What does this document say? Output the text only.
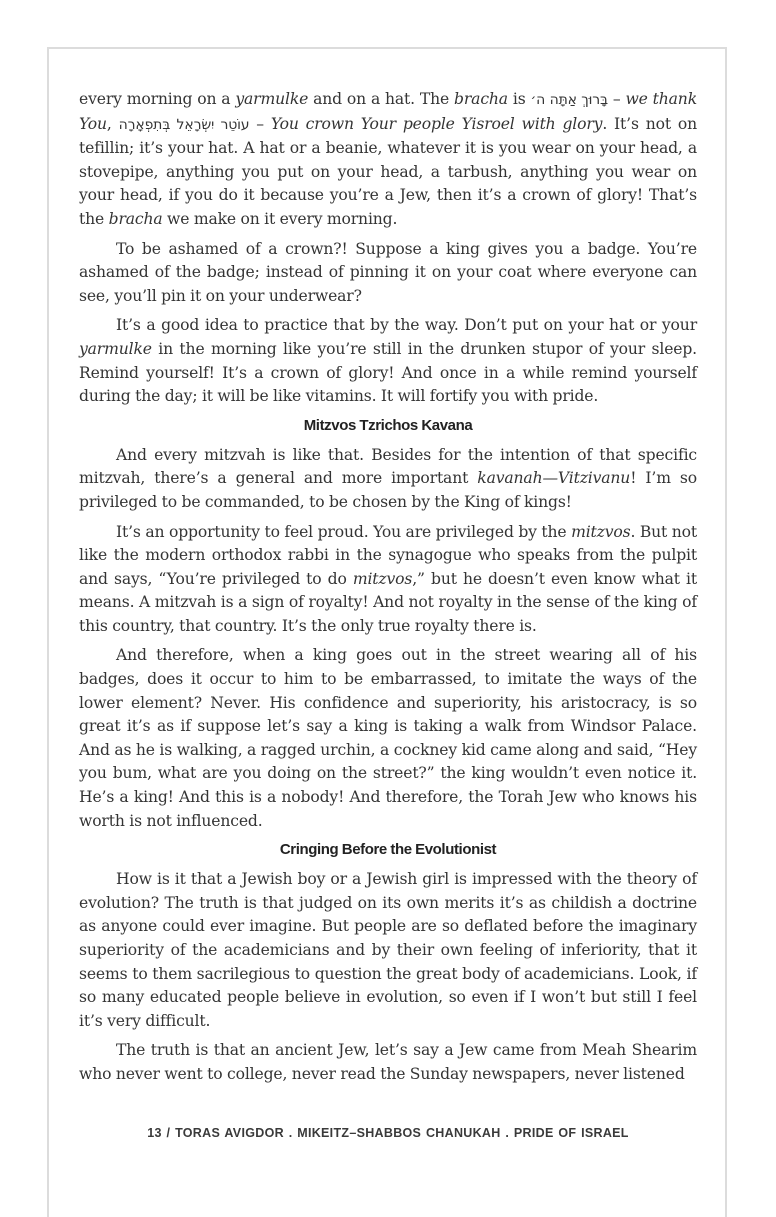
every morning on a yarmulke and on a hat. The bracha is בָּרוּךְ אַתָּה ה׳ – we thank You, עוֹטֵר יִשְׂרָאֵל בְּתִפְאָרָה – You crown Your people Yisroel with glory. It’s not on tefillin; it’s your hat. A hat or a beanie, whatever it is you wear on your head, a stovepipe, anything you put on your head, a tarbush, anything you wear on your head, if you do it because you’re a Jew, then it’s a crown of glory! That’s the bracha we make on it every morning.

To be ashamed of a crown?! Suppose a king gives you a badge. You’re ashamed of the badge; instead of pinning it on your coat where everyone can see, you’ll pin it on your underwear?

It’s a good idea to practice that by the way. Don’t put on your hat or your yarmulke in the morning like you’re still in the drunken stupor of your sleep. Remind yourself! It’s a crown of glory! And once in a while remind yourself during the day; it will be like vitamins. It will fortify you with pride.

Mitzvos Tzrichos Kavana

And every mitzvah is like that. Besides for the intention of that specific mitzvah, there’s a general and more important kavanah—Vitzivanu! I’m so privileged to be commanded, to be chosen by the King of kings!

It’s an opportunity to feel proud. You are privileged by the mitzvos. But not like the modern orthodox rabbi in the synagogue who speaks from the pulpit and says, “You’re privileged to do mitzvos,” but he doesn’t even know what it means. A mitzvah is a sign of royalty! And not royalty in the sense of the king of this country, that country. It’s the only true royalty there is.

And therefore, when a king goes out in the street wearing all of his badges, does it occur to him to be embarrassed, to imitate the ways of the lower element? Never. His confidence and superiority, his aristocracy, is so great it’s as if suppose let’s say a king is taking a walk from Windsor Palace. And as he is walking, a ragged urchin, a cockney kid came along and said, “Hey you bum, what are you doing on the street?” the king wouldn’t even notice it. He’s a king! And this is a nobody! And therefore, the Torah Jew who knows his worth is not influenced.

Cringing Before the Evolutionist

How is it that a Jewish boy or a Jewish girl is impressed with the theory of evolution? The truth is that judged on its own merits it’s as childish a doctrine as anyone could ever imagine. But people are so deflated before the imaginary superiority of the academicians and by their own feeling of inferiority, that it seems to them sacrilegious to question the great body of academicians. Look, if so many educated people believe in evolution, so even if I won’t but still I feel it’s very difficult.

The truth is that an ancient Jew, let’s say a Jew came from Meah Shearim who never went to college, never read the Sunday newspapers, never listened

13 / TORAS AVIGDOR . MIKEITZ–SHABBOS CHANUKAH . PRIDE OF ISRAEL
